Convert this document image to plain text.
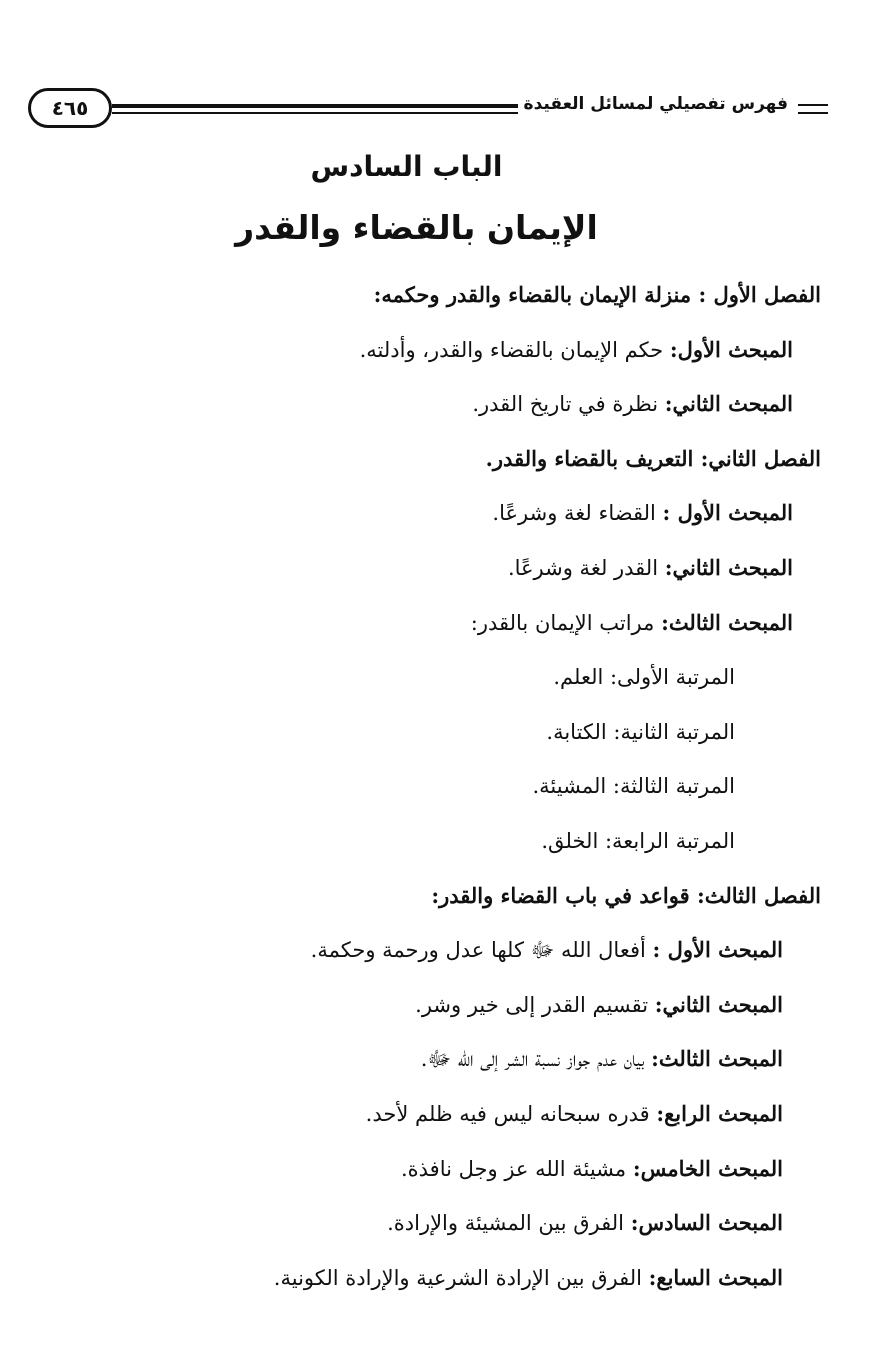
٤٦٥	فهرس تفصيلي لمسائل العقيدة
الباب السادس
الإيمان بالقضاء والقدر
الفصل الأول : منزلة الإيمان بالقضاء والقدر وحكمه:
المبحث الأول: حكم الإيمان بالقضاء والقدر، وأدلته.
المبحث الثاني: نظرة في تاريخ القدر.
الفصل الثاني: التعريف بالقضاء والقدر.
المبحث الأول : القضاء لغة وشرعًا.
المبحث الثاني: القدر لغة وشرعًا.
المبحث الثالث: مراتب الإيمان بالقدر:
المرتبة الأولى: العلم.
المرتبة الثانية: الكتابة.
المرتبة الثالثة: المشيئة.
المرتبة الرابعة: الخلق.
الفصل الثالث: قواعد في باب القضاء والقدر:
المبحث الأول : أفعال الله ﷻ كلها عدل ورحمة وحكمة.
المبحث الثاني: تقسيم القدر إلى خير وشر.
المبحث الثالث: بيان عدم جواز نسبة الشر إلى الله ﷻ.
المبحث الرابع: قدره سبحانه ليس فيه ظلم لأحد.
المبحث الخامس: مشيئة الله عز وجل نافذة.
المبحث السادس: الفرق بين المشيئة والإرادة.
المبحث السابع: الفرق بين الإرادة الشرعية والإرادة الكونية.
